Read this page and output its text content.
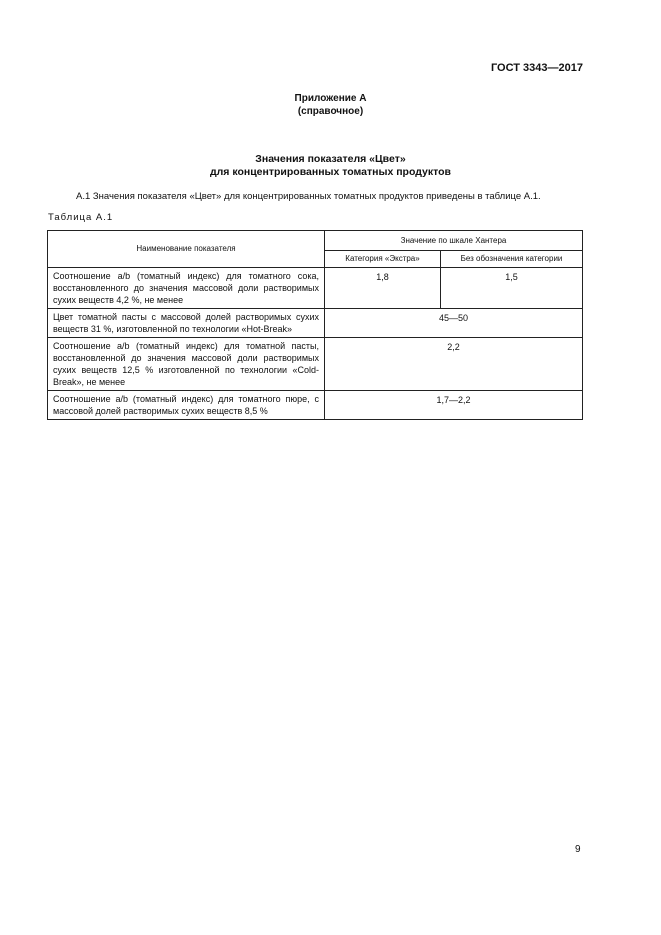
ГОСТ 3343—2017
Приложение А
(справочное)
Значения показателя «Цвет»
для концентрированных томатных продуктов
А.1 Значения показателя «Цвет» для концентрированных томатных продуктов приведены в таблице А.1.
Таблица А.1
Наименование показателя	Значение по шкале Хантера	
	Категория «Экстра»	Без обозначения категории
Соотношение a/b (томатный индекс) для томатного сока, восстановленного до значения массовой доли растворимых сухих веществ 4,2 %, не менее	1,8	1,5
Цвет томатной пасты с массовой долей растворимых сухих веществ 31 %, изготовленной по технологии «Hot-Break»	45—50	
Соотношение a/b (томатный индекс) для томатной пасты, восстановленной до значения массовой доли растворимых сухих веществ 12,5 % изготовленной по технологии «Cold-Break», не менее	2,2	
Соотношение a/b (томатный индекс) для томатного пюре, с массовой долей растворимых сухих веществ 8,5 %	1,7—2,2	
9
